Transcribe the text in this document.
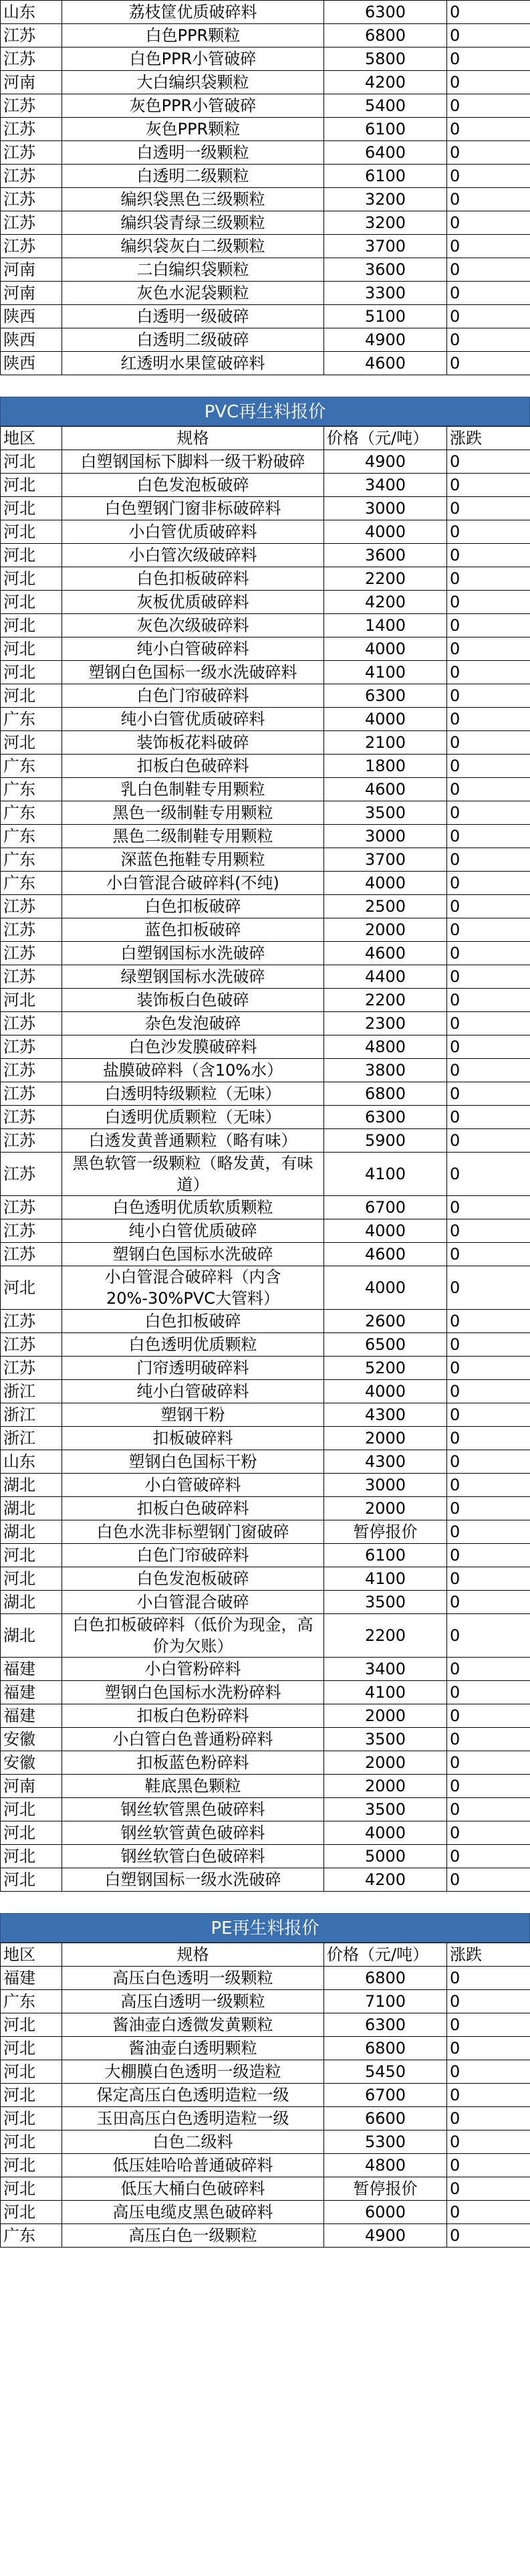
山东	荔枝筐优质破碎料	6300	0
江苏	白色PPR颗粒	6800	0
江苏	白色PPR小管破碎	5800	0
河南	大白编织袋颗粒	4200	0
江苏	灰色PPR小管破碎	5400	0
江苏	灰色PPR颗粒	6100	0
江苏	白透明一级颗粒	6400	0
江苏	白透明二级颗粒	6100	0
江苏	编织袋黑色三级颗粒	3200	0
江苏	编织袋青绿三级颗粒	3200	0
江苏	编织袋灰白二级颗粒	3700	0
河南	二白编织袋颗粒	3600	0
河南	灰色水泥袋颗粒	3300	0
陕西	白透明一级破碎	5100	0
陕西	白透明二级破碎	4900	0
陕西	红透明水果筐破碎料	4600	0
PVC再生料报价
地区	规格	价格（元/吨）	涨跌
河北	白塑钢国标下脚料一级干粉破碎	4900	0
河北	白色发泡板破碎	3400	0
河北	白色塑钢门窗非标破碎料	3000	0
河北	小白管优质破碎料	4000	0
河北	小白管次级破碎料	3600	0
河北	白色扣板破碎料	2200	0
河北	灰板优质破碎料	4200	0
河北	灰色次级破碎料	1400	0
河北	纯小白管破碎料	4000	0
河北	塑钢白色国标一级水洗破碎料	4100	0
河北	白色门帘破碎料	6300	0
广东	纯小白管优质破碎料	4000	0
河北	装饰板花料破碎	2100	0
广东	扣板白色破碎料	1800	0
广东	乳白色制鞋专用颗粒	4600	0
广东	黑色一级制鞋专用颗粒	3500	0
广东	黑色二级制鞋专用颗粒	3000	0
广东	深蓝色拖鞋专用颗粒	3700	0
广东	小白管混合破碎料(不纯)	4000	0
江苏	白色扣板破碎	2500	0
江苏	蓝色扣板破碎	2000	0
江苏	白塑钢国标水洗破碎	4600	0
江苏	绿塑钢国标水洗破碎	4400	0
河北	装饰板白色破碎	2200	0
江苏	杂色发泡破碎	2300	0
江苏	白色沙发膜破碎料	4800	0
江苏	盐膜破碎料（含10%水）	3800	0
江苏	白透明特级颗粒（无味）	6800	0
江苏	白透明优质颗粒（无味）	6300	0
江苏	白透发黄普通颗粒（略有味）	5900	0
江苏	黑色软管一级颗粒（略发黄，有味道）	4100	0
江苏	白色透明优质软质颗粒	6700	0
江苏	纯小白管优质破碎	4000	0
江苏	塑钢白色国标水洗破碎	4600	0
河北	小白管混合破碎料（内含20%-30%PVC大管料）	4000	0
江苏	白色扣板破碎	2600	0
江苏	白色透明优质颗粒	6500	0
江苏	门帘透明破碎料	5200	0
浙江	纯小白管破碎料	4000	0
浙江	塑钢干粉	4300	0
浙江	扣板破碎料	2000	0
山东	塑钢白色国标干粉	4300	0
湖北	小白管破碎料	3000	0
湖北	扣板白色破碎料	2000	0
湖北	白色水洗非标塑钢门窗破碎	暂停报价	0
河北	白色门帘破碎料	6100	0
河北	白色发泡板破碎	4100	0
湖北	小白管混合破碎	3500	0
湖北	白色扣板破碎料（低价为现金，高价为欠账）	2200	0
福建	小白管粉碎料	3400	0
福建	塑钢白色国标水洗粉碎料	4100	0
福建	扣板白色粉碎料	2000	0
安徽	小白管白色普通粉碎料	3500	0
安徽	扣板蓝色粉碎料	2000	0
河南	鞋底黑色颗粒	2000	0
河北	钢丝软管黑色破碎料	3500	0
河北	钢丝软管黄色破碎料	4000	0
河北	钢丝软管白色破碎料	5000	0
河北	白塑钢国标一级水洗破碎	4200	0
PE再生料报价
地区	规格	价格（元/吨）	涨跌
福建	高压白色透明一级颗粒	6800	0
广东	高压白透明一级颗粒	7100	0
河北	酱油壶白透微发黄颗粒	6300	0
河北	酱油壶白透明颗粒	6800	0
河北	大棚膜白色透明一级造粒	5450	0
河北	保定高压白色透明造粒一级	6700	0
河北	玉田高压白色透明造粒一级	6600	0
河北	白色二级料	5300	0
河北	低压娃哈哈普通破碎料	4800	0
河北	低压大桶白色破碎料	暂停报价	0
河北	高压电缆皮黑色破碎料	6000	0
广东	高压白色一级颗粒	4900	0
